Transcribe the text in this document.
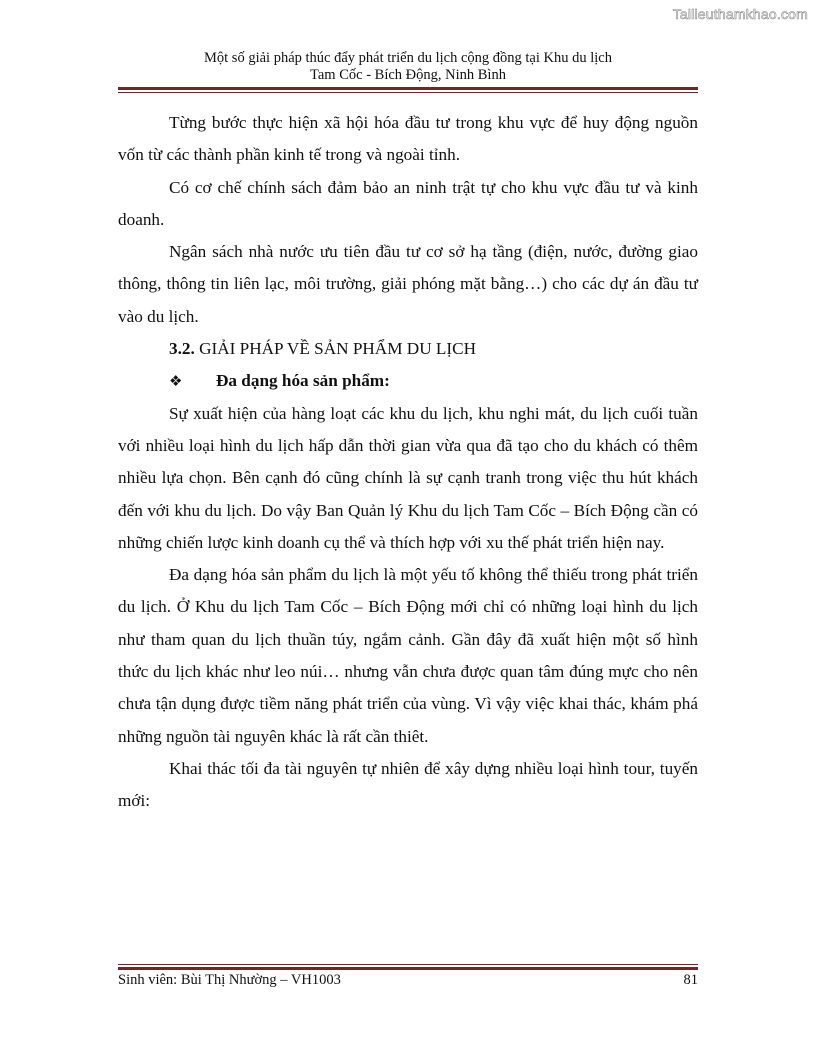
Tailieuthamkhao.com
Một số giải pháp thúc đẩy phát triển du lịch cộng đồng tại Khu du lịch
Tam Cốc - Bích Động, Ninh Bình

Từng bước thực hiện xã hội hóa đầu tư trong khu vực để huy động nguồn vốn từ các thành phần kinh tế trong và ngoài tỉnh.

Có cơ chế chính sách đảm bảo an ninh trật tự cho khu vực đầu tư và kinh doanh.

Ngân sách nhà nước ưu tiên đầu tư cơ sở hạ tầng (điện, nước, đường giao thông, thông tin liên lạc, môi trường, giải phóng mặt bằng…) cho các dự án đầu tư vào du lịch.

3.2. GIẢI PHÁP VỀ SẢN PHẨM DU LỊCH
❖	Đa dạng hóa sản phẩm:

Sự xuất hiện của hàng loạt các khu du lịch, khu nghi mát, du lịch cuối tuần với nhiều loại hình du lịch hấp dẫn thời gian vừa qua đã tạo cho du khách có thêm nhiều lựa chọn. Bên cạnh đó cũng chính là sự cạnh tranh trong việc thu hút khách đến với khu du lịch. Do vậy Ban Quản lý Khu du lịch Tam Cốc – Bích Động cần có những chiến lược kinh doanh cụ thể và thích hợp với xu thế phát triển hiện nay.

Đa dạng hóa sản phẩm du lịch là một yếu tố không thể thiếu trong phát triển du lịch. Ở Khu du lịch Tam Cốc – Bích Động mới chỉ có những loại hình du lịch như tham quan du lịch thuần túy, ngắm cảnh. Gần đây đã xuất hiện một số hình thức du lịch khác như leo núi… nhưng vẫn chưa được quan tâm đúng mực cho nên chưa tận dụng được tiềm năng phát triển của vùng. Vì vậy việc khai thác, khám phá những nguồn tài nguyên khác là rất cần thiêt.

Khai thác tối đa tài nguyên tự nhiên để xây dựng nhiều loại hình tour, tuyến mới:

Sinh viên: Bùi Thị Nhường – VH1003	81
